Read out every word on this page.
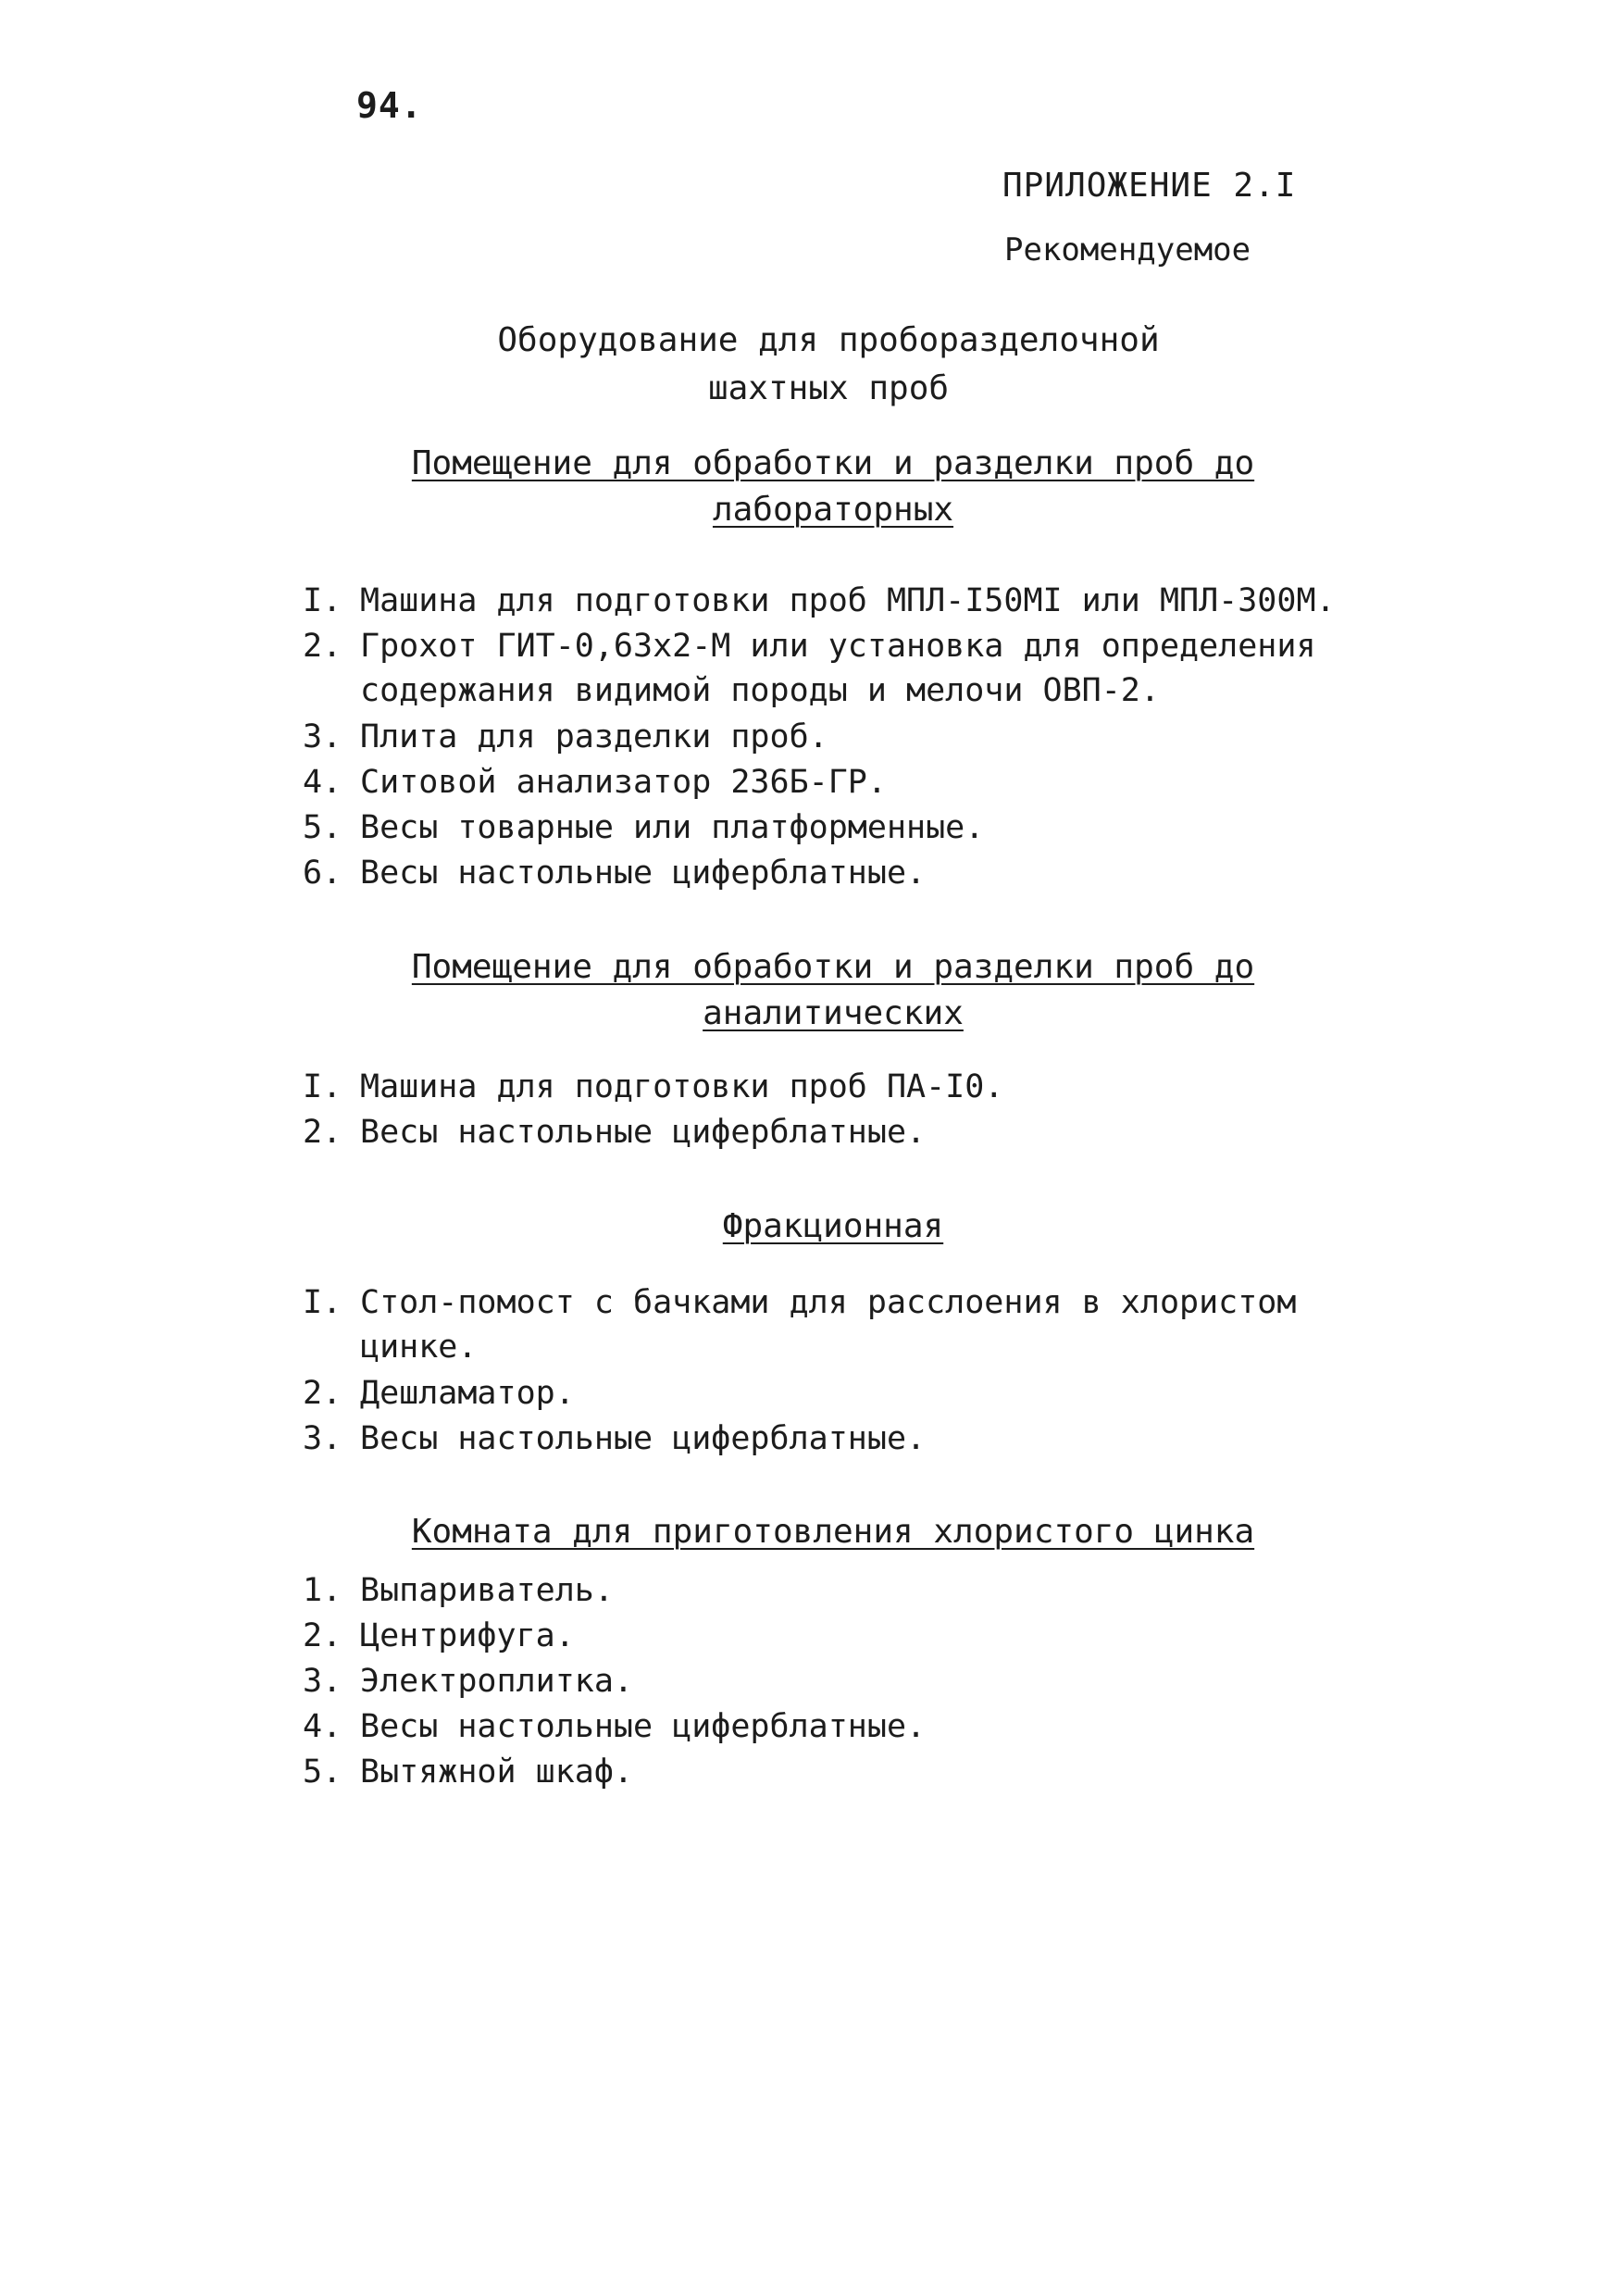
94.
ПРИЛОЖЕНИЕ 2.I
Рекомендуемое
Оборудование для пробоpазделочной
шахтных проб
Помещение для обработки и разделки проб до
лабораторных
I. Машина для подготовки проб МПЛ-I50МI или МПЛ-300М.
2. Грохот ГИТ-0,63х2-М или установка для определения
содержания видимой породы и мелочи ОВП-2.
3. Плита для разделки проб.
4. Ситовой анализатор 236Б-ГР.
5. Весы товарные или платформенные.
6. Весы настольные циферблатные.
Помещение для обработки и разделки проб до
аналитических
I. Машина для подготовки проб ПА-I0.
2. Весы настольные циферблатные.
Фракционная
I. Стол-помост с бачками для расслоения в хлористом
цинке.
2. Дешламатор.
3. Весы настольные циферблатные.
Комната для приготовления хлористого цинка
1. Выпариватель.
2. Центрифуга.
3. Электроплитка.
4. Весы настольные циферблатные.
5. Вытяжной шкаф.
